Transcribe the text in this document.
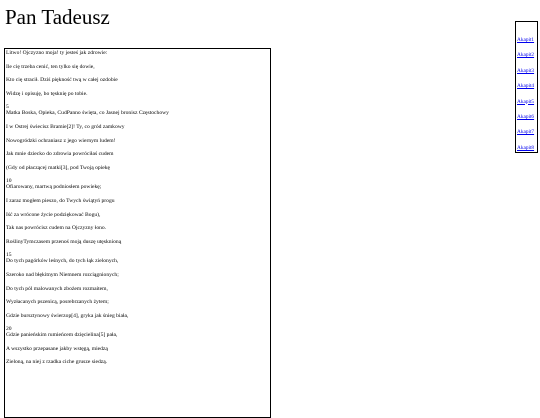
Pan Tadeusz
Litwo! Ojczyzno moja! ty jesteś jak zdrowie:
Ile cię trzeba cenić, ten tylko się dowie,
Kto cię stracił. Dziś piękność twą w całej ozdobie
Widzę i opisuję, bo tęsknię po tobie.
5
Matka Boska, Opieka, CudPanno święta, co Jasnej bronisz Częstochowy
I w Ostrej świecisz Bramie[2]! Ty, co gród zamkowy
Nowogródzki ochraniasz z jego wiernym ludem!
Jak mnie dziecko do zdrowia powróciłaś cudem
(Gdy od płaczącej matki[3], pod Twoją opiekę
10
Ofiarowany, martwą podniosłem powiekę;
I zaraz mogłem pieszo, do Twych świątyń progu
Iść za wrócone życie podziękować Bogu),
Tak nas powrócisz cudem na Ojczyzny łono.
RoślinyTymczasem przenoś moją duszę utęsknioną
15
Do tych pagórków leśnych, do tych łąk zielonych,
Szeroko nad błękitnym Niemnem rozciągnionych;
Do tych pól malowanych zbożem rozmaitem,
Wyzłacanych pszenicą, posrebrzanych żytem;
Gdzie bursztynowy świerzop[4], gryka jak śnieg biała,
20
Gdzie panieńskim rumieńcem dzięcielina[5] pała,
A wszystko przepasane jakby wstęgą, miedzą
Zieloną, na niej z rzadka ciche grusze siedzą.
Akapit1
Akapit2
Akapit3
Akapit4
Akapit5
Akapit6
Akapit7
Akapit8
